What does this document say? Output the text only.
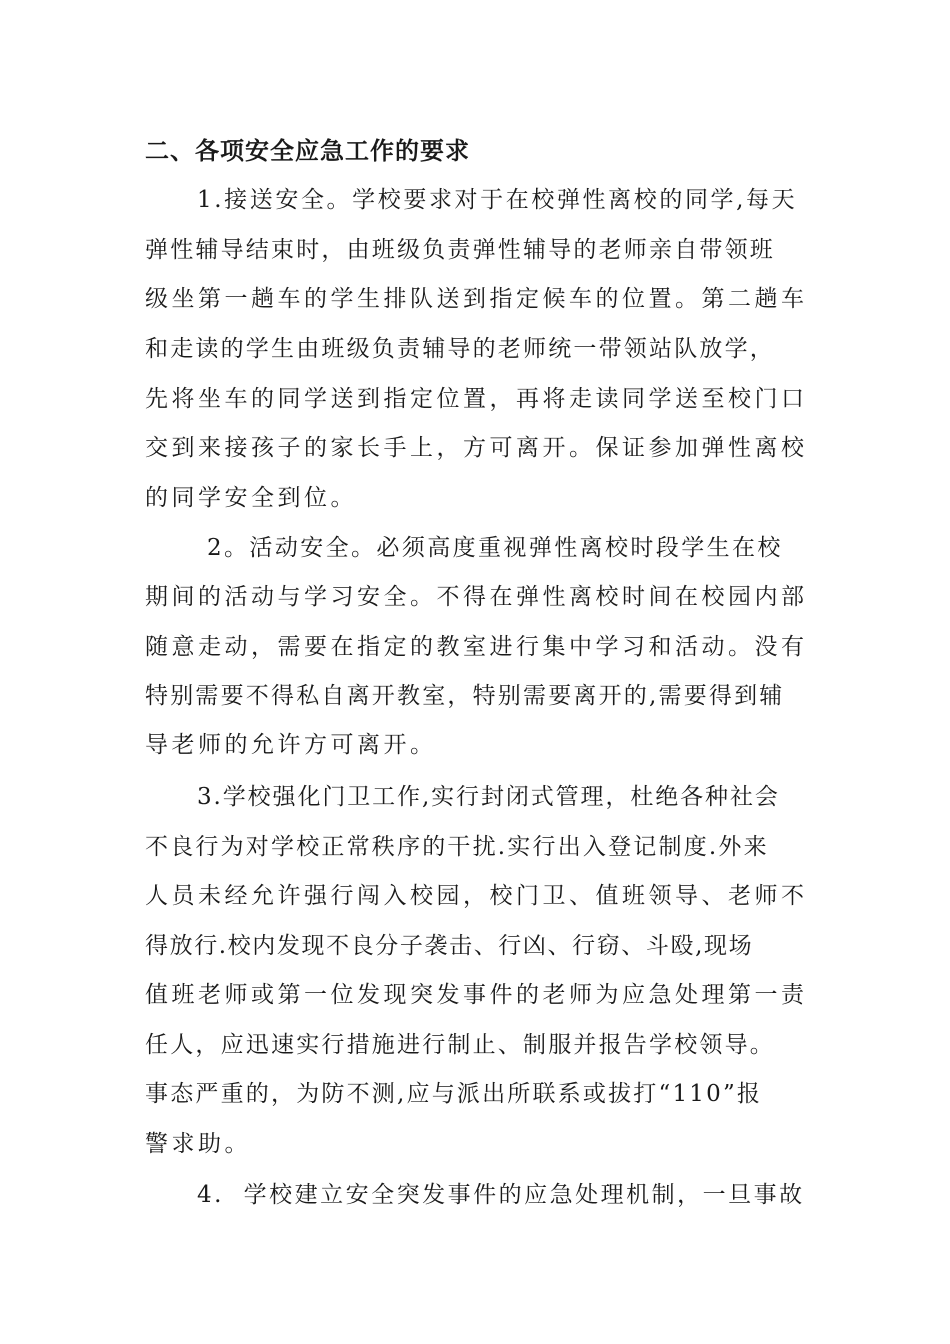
二、各项安全应急工作的要求

1.接送安全。学校要求对于在校弹性离校的同学,每天

弹性辅导结束时，由班级负责弹性辅导的老师亲自带领班

级坐第一趟车的学生排队送到指定候车的位置。第二趟车

和走读的学生由班级负责辅导的老师统一带领站队放学，

先将坐车的同学送到指定位置，再将走读同学送至校门口

交到来接孩子的家长手上，方可离开。保证参加弹性离校

的同学安全到位。

2。活动安全。必须高度重视弹性离校时段学生在校

期间的活动与学习安全。不得在弹性离校时间在校园内部

随意走动，需要在指定的教室进行集中学习和活动。没有

特别需要不得私自离开教室，特别需要离开的,需要得到辅

导老师的允许方可离开。

3.学校强化门卫工作,实行封闭式管理，杜绝各种社会

不良行为对学校正常秩序的干扰.实行出入登记制度.外来

人员未经允许强行闯入校园，校门卫、值班领导、老师不

得放行.校内发现不良分子袭击、行凶、行窃、斗殴,现场

值班老师或第一位发现突发事件的老师为应急处理第一责

任人，应迅速实行措施进行制止、制服并报告学校领导。

事态严重的，为防不测,应与派出所联系或拔打“110”报

警求助。

4.  学校建立安全突发事件的应急处理机制，一旦事故
